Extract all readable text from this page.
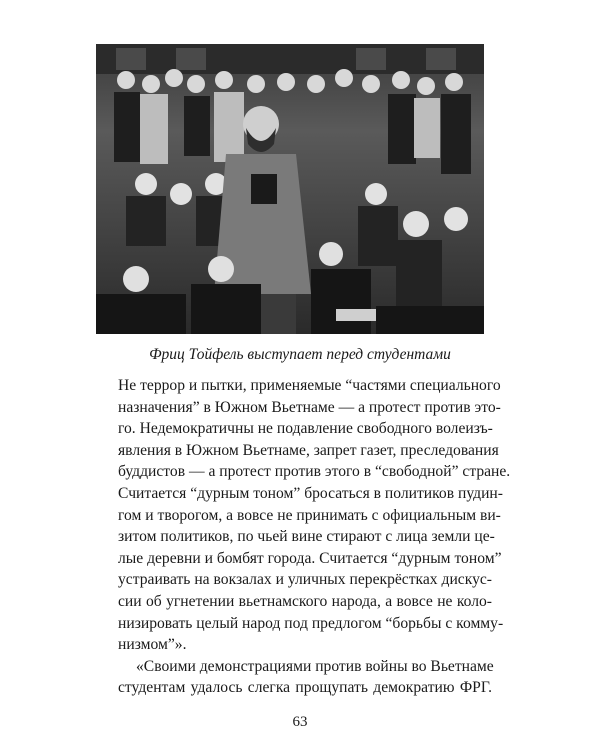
Фриц Тойфель выступает перед студентами
Не террор и пытки, применяемые “частями специального
назначения” в Южном Вьетнаме — а протест против это-
го. Недемократичны не подавление свободного волеизъ-
явления в Южном Вьетнаме, запрет газет, преследования
буддистов — а протест против этого в “свободной” стране.
Считается “дурным тоном” бросаться в политиков пудин-
гом и творогом, а вовсе не принимать с официальным ви-
зитом политиков, по чьей вине стирают с лица земли це-
лые деревни и бомбят города. Считается “дурным тоном”
устраивать на вокзалах и уличных перекрёстках дискус-
сии об угнетении вьетнамского народа, а вовсе не коло-
низировать целый народ под предлогом “борьбы с комму-
низмом”».
«Своими демонстрациями против войны во Вьетнаме
студентам удалось слегка прощупать демократию ФРГ.
63
